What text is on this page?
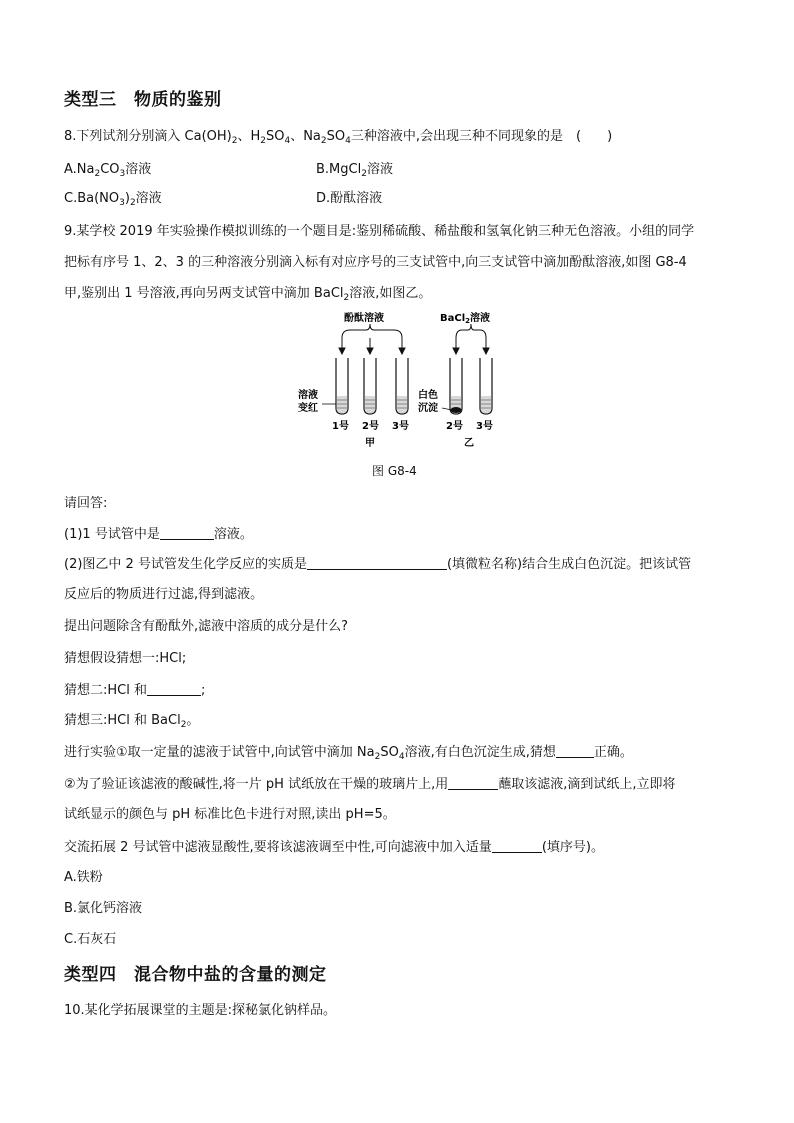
类型三　物质的鉴别
8.下列试剂分别滴入 $Ca(OH)_2$、$H_2SO_4$、$Na_2SO_4$三种溶液中,会出现三种不同现象的是　(　　)
$A.Na_2CO_3$溶液	B.MgCl$_2$溶液
$C.Ba(NO_3)_2$溶液	D.酚酞溶液
9.某学校 2019 年实验操作模拟训练的一个题目是:鉴别稀硫酸、稀盐酸和氢氧化钠三种无色溶液。小组的同学
把标有序号 1、2、3 的三种溶液分别滴入标有对应序号的三支试管中,向三支试管中滴加酚酞溶液,如图 G8-4
甲,鉴别出 1 号溶液,再向另两支试管中滴加 BaCl$_2$溶液,如图乙。
酚酞溶液	BaCl$_2$溶液
溶液
变红
白色
沉淀
1号 2号 3号	2号 3号
甲	乙
图 G8-4
请回答:
(1)1 号试管中是	溶液。
(2)图乙中 2 号试管发生化学反应的实质是	(填微粒名称)结合生成白色沉淀。把该试管
反应后的物质进行过滤,得到滤液。
提出问题除含有酚酞外,滤液中溶质的成分是什么?
猜想假设猜想一:HCl;
猜想二:HCl 和	;
猜想三:HCl 和 BaCl$_2$。
进行实验①取一定量的滤液于试管中,向试管中滴加 $Na_2SO_4$溶液,有白色沉淀生成,猜想	正确。
②为了验证该滤液的酸碱性,将一片 pH 试纸放在干燥的玻璃片上,用	蘸取该滤液,滴到试纸上,立即将
试纸显示的颜色与 pH 标准比色卡进行对照,读出 pH=5。
交流拓展 2 号试管中滤液显酸性,要将该滤液调至中性,可向滤液中加入适量	(填序号)。
A.铁粉
B.氯化钙溶液
C.石灰石
类型四　混合物中盐的含量的测定
10.某化学拓展课堂的主题是:探秘氯化钠样品。
